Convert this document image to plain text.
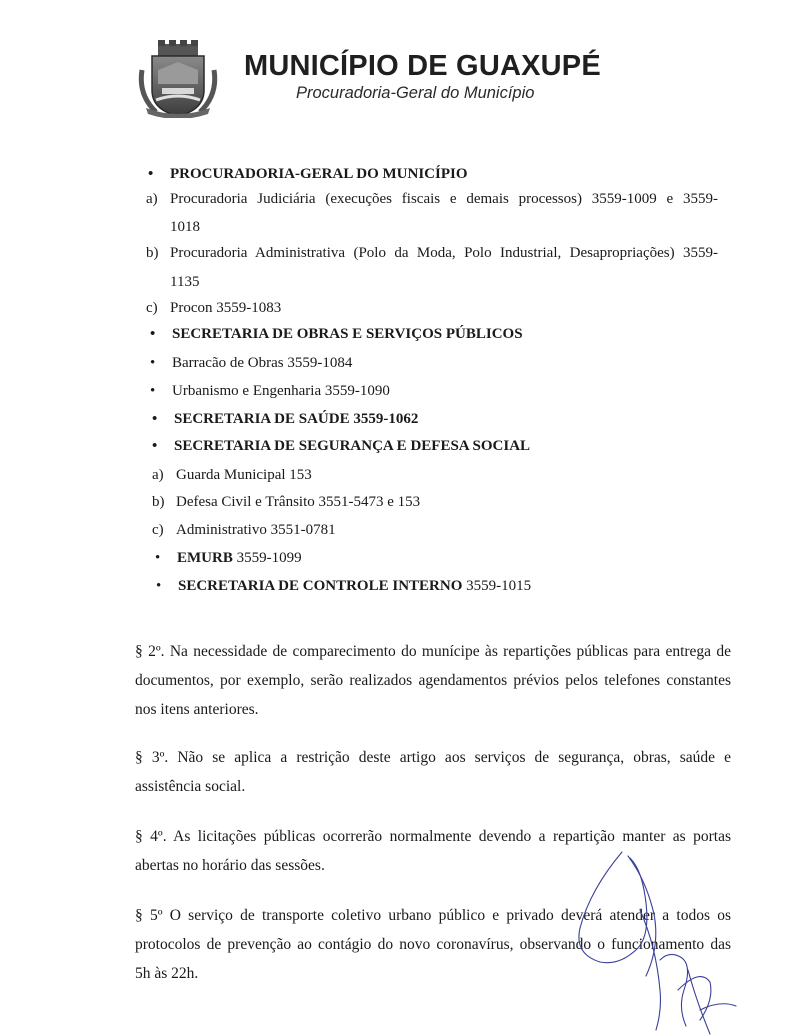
MUNICÍPIO DE GUAXUPÉ
Procuradoria-Geral do Município
• PROCURADORIA-GERAL DO MUNICÍPIO
a) Procuradoria Judiciária (execuções fiscais e demais processos) 3559-1009 e 3559-
1018
b) Procuradoria Administrativa (Polo da Moda, Polo Industrial, Desapropriações) 3559-
1135
c) Procon 3559-1083
• SECRETARIA DE OBRAS E SERVIÇOS PÚBLICOS
• Barracão de Obras 3559-1084
• Urbanismo e Engenharia 3559-1090
• SECRETARIA DE SAÚDE 3559-1062
• SECRETARIA DE SEGURANÇA E DEFESA SOCIAL
a) Guarda Municipal 153
b) Defesa Civil e Trânsito 3551-5473 e 153
c) Administrativo 3551-0781
• EMURB 3559-1099
• SECRETARIA DE CONTROLE INTERNO 3559-1015
§ 2º. Na necessidade de comparecimento do munícipe às repartições públicas para entrega de
documentos, por exemplo, serão realizados agendamentos prévios pelos telefones constantes
nos itens anteriores.
§ 3º. Não se aplica a restrição deste artigo aos serviços de segurança, obras, saúde e
assistência social.
§ 4º. As licitações públicas ocorrerão normalmente devendo a repartição manter as portas
abertas no horário das sessões.
§ 5º O serviço de transporte coletivo urbano público e privado deverá atender a todos os
protocolos de prevenção ao contágio do novo coronavírus, observando o funcionamento das
5h às 22h.
